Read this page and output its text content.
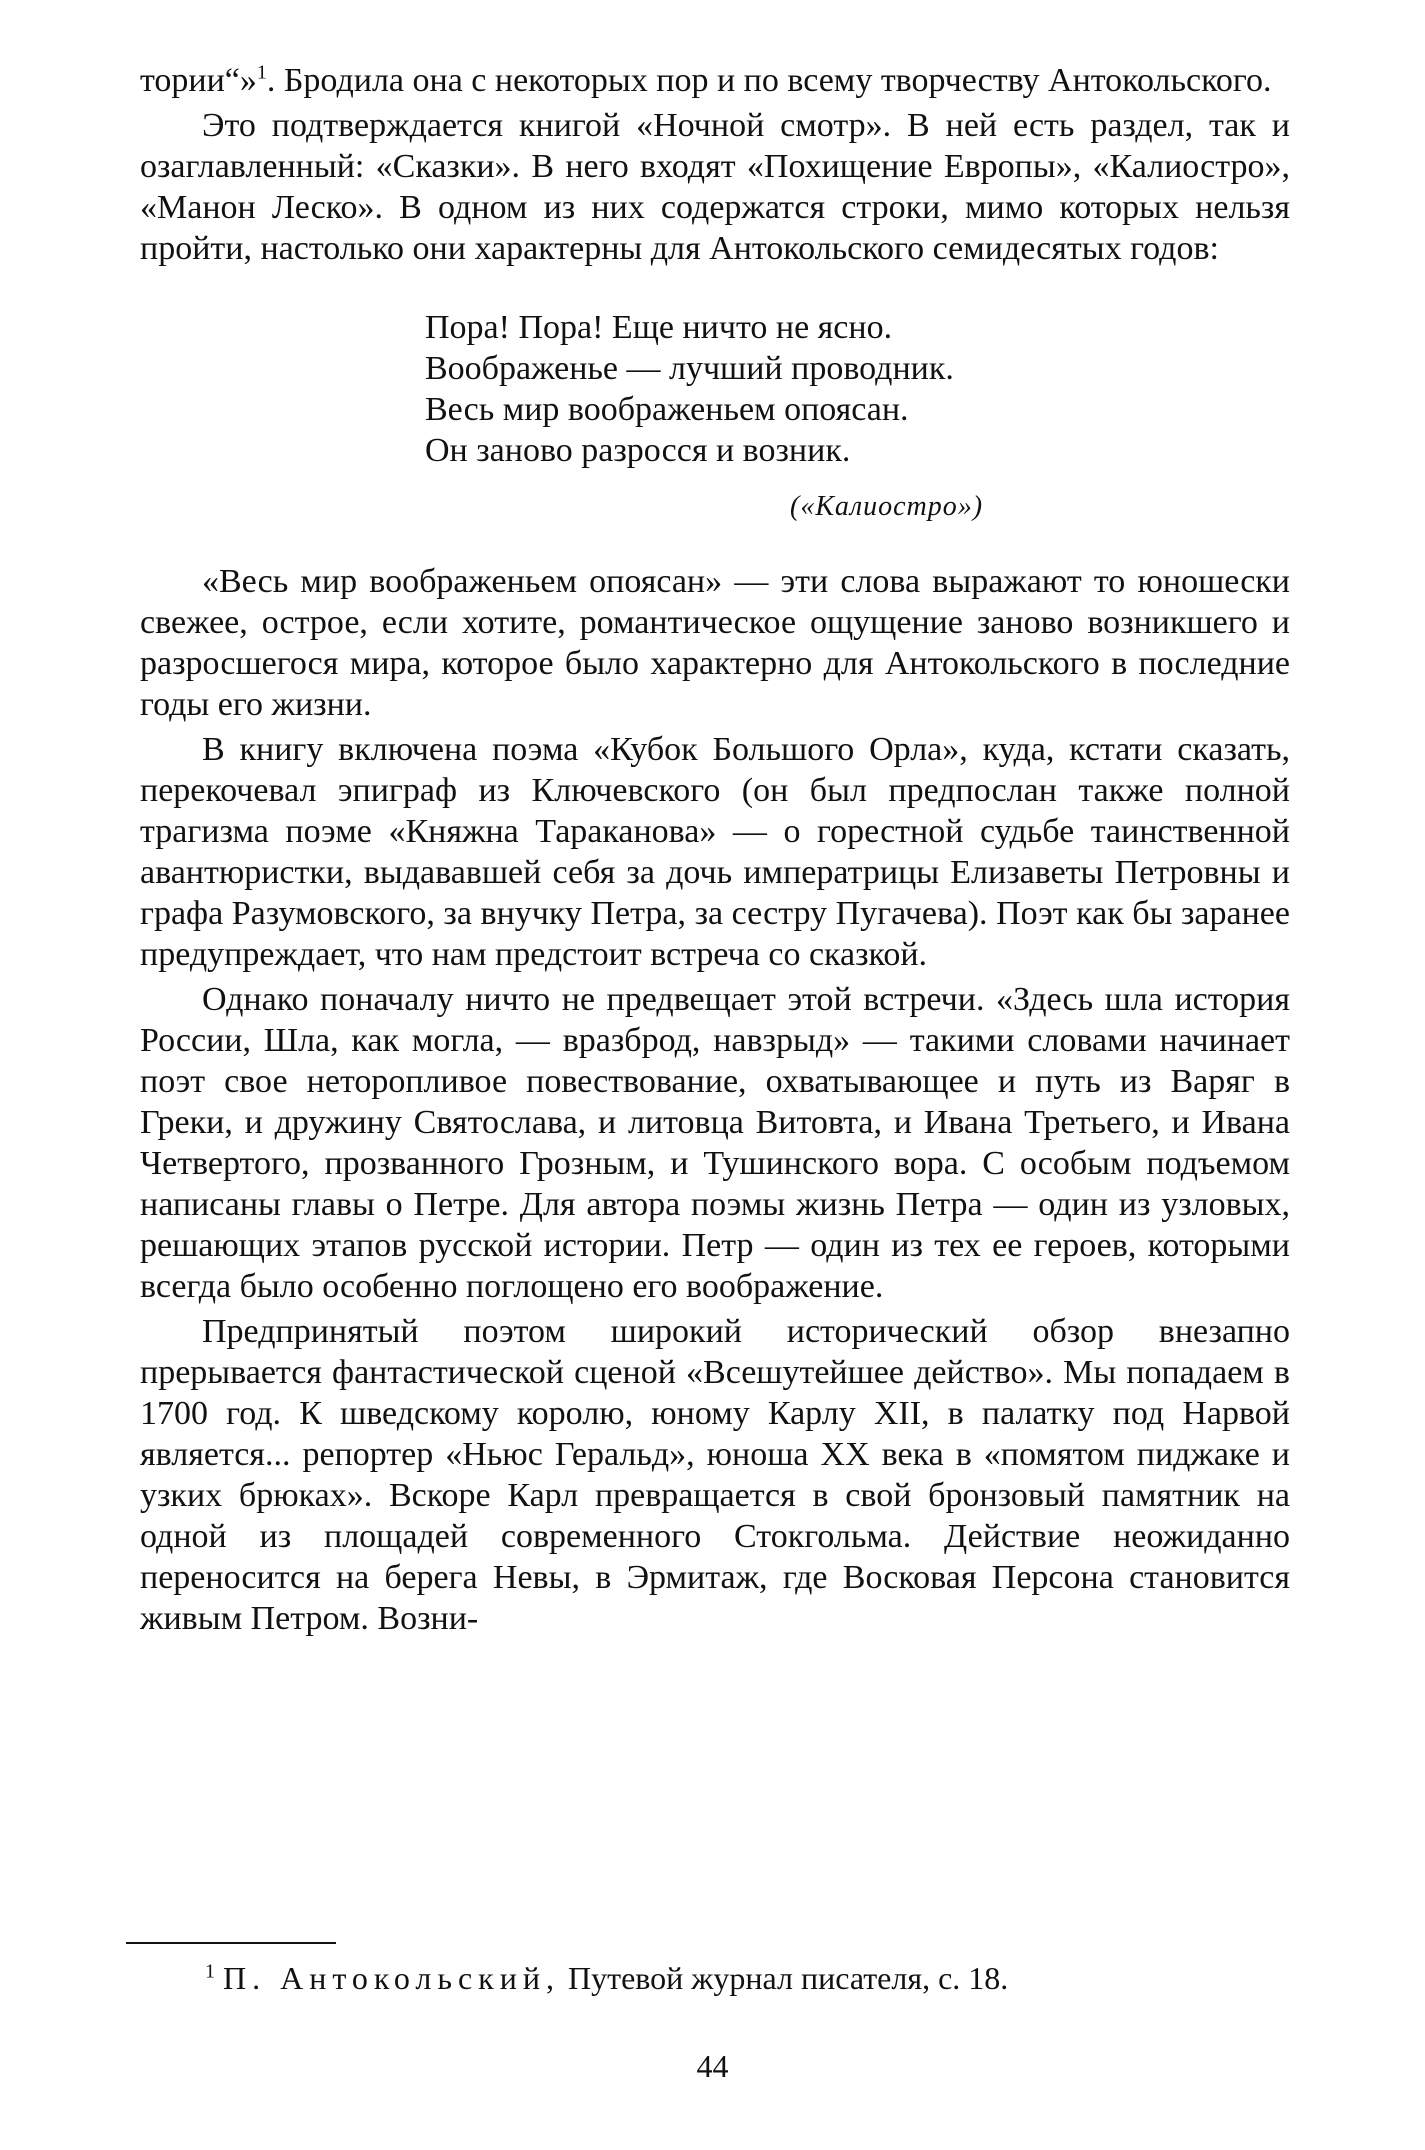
тории“»$^1$. Бродила она с некоторых пор и по всему творчеству Антокольского.

Это подтверждается книгой «Ночной смотр». В ней есть раздел, так и озаглавленный: «Сказки». В него входят «Похищение Европы», «Калиостро», «Манон Леско». В одном из них содержатся строки, мимо которых нельзя пройти, настолько они характерны для Антокольского семидесятых годов:

Пора! Пора! Еще ничто не ясно.
Воображенье — лучший проводник.
Весь мир воображеньем опоясан.
Он заново разросся и возник.
(«Калиостро»)

«Весь мир воображеньем опоясан» — эти слова выражают то юношески свежее, острое, если хотите, романтическое ощущение заново возникшего и разросшегося мира, которое было характерно для Антокольского в последние годы его жизни.

В книгу включена поэма «Кубок Большого Орла», куда, кстати сказать, перекочевал эпиграф из Ключевского (он был предпослан также полной трагизма поэме «Княжна Тараканова» — о горестной судьбе таинственной авантюристки, выдававшей себя за дочь императрицы Елизаветы Петровны и графа Разумовского, за внучку Петра, за сестру Пугачева). Поэт как бы заранее предупреждает, что нам предстоит встреча со сказкой.

Однако поначалу ничто не предвещает этой встречи. «Здесь шла история России, Шла, как могла, — вразброд, навзрыд» — такими словами начинает поэт свое неторопливое повествование, охватывающее и путь из Варяг в Греки, и дружину Святослава, и литовца Витовта, и Ивана Третьего, и Ивана Четвертого, прозванного Грозным, и Тушинского вора. С особым подъемом написаны главы о Петре. Для автора поэмы жизнь Петра — один из узловых, решающих этапов русской истории. Петр — один из тех ее героев, которыми всегда было особенно поглощено его воображение.

Предпринятый поэтом широкий исторический обзор внезапно прерывается фантастической сценой «Всешутейшее действо». Мы попадаем в 1700 год. К шведскому королю, юному Карлу XII, в палатку под Нарвой является... репортер «Ньюс Геральд», юноша XX века в «помятом пиджаке и узких брюках». Вскоре Карл превращается в свой бронзовый памятник на одной из площадей современного Стокгольма. Действие неожиданно переносится на берега Невы, в Эрмитаж, где Восковая Персона становится живым Петром. Возни-

$^1$ П. Антокольский, Путевой журнал писателя, с. 18.
44
